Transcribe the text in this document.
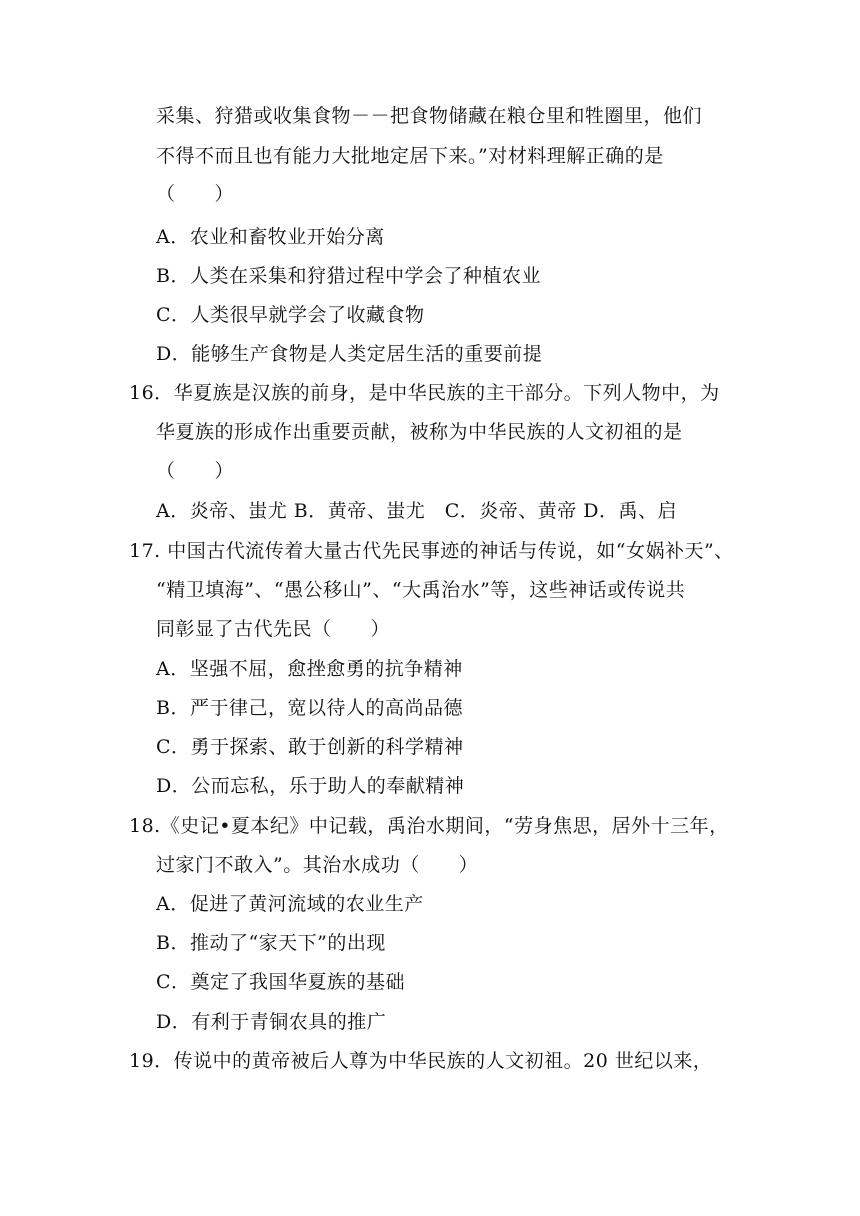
采集、狩猎或收集食物－－把食物储藏在粮仓里和牲圈里，他们
不得不而且也有能力大批地定居下来。”对材料理解正确的是
（　　）
A．农业和畜牧业开始分离
B．人类在采集和狩猎过程中学会了种植农业
C．人类很早就学会了收藏食物
D．能够生产食物是人类定居生活的重要前提
16．华夏族是汉族的前身，是中华民族的主干部分。下列人物中，为
华夏族的形成作出重要贡献，被称为中华民族的人文初祖的是
（　　）
A．炎帝、蚩尤 B．黄帝、蚩尤　C．炎帝、黄帝 D．禹、启
17. 中国古代流传着大量古代先民事迹的神话与传说，如“女娲补天”、
“精卫填海”、“愚公移山”、“大禹治水”等，这些神话或传说共
同彰显了古代先民（　　）
A．坚强不屈，愈挫愈勇的抗争精神
B．严于律己，宽以待人的高尚品德
C．勇于探索、敢于创新的科学精神
D．公而忘私，乐于助人的奉献精神
18.《史记•夏本纪》中记载，禹治水期间，“劳身焦思，居外十三年，
过家门不敢入”。其治水成功（　　）
A．促进了黄河流域的农业生产
B．推动了“家天下”的出现
C．奠定了我国华夏族的基础
D．有利于青铜农具的推广
19．传说中的黄帝被后人尊为中华民族的人文初祖。20 世纪以来，
